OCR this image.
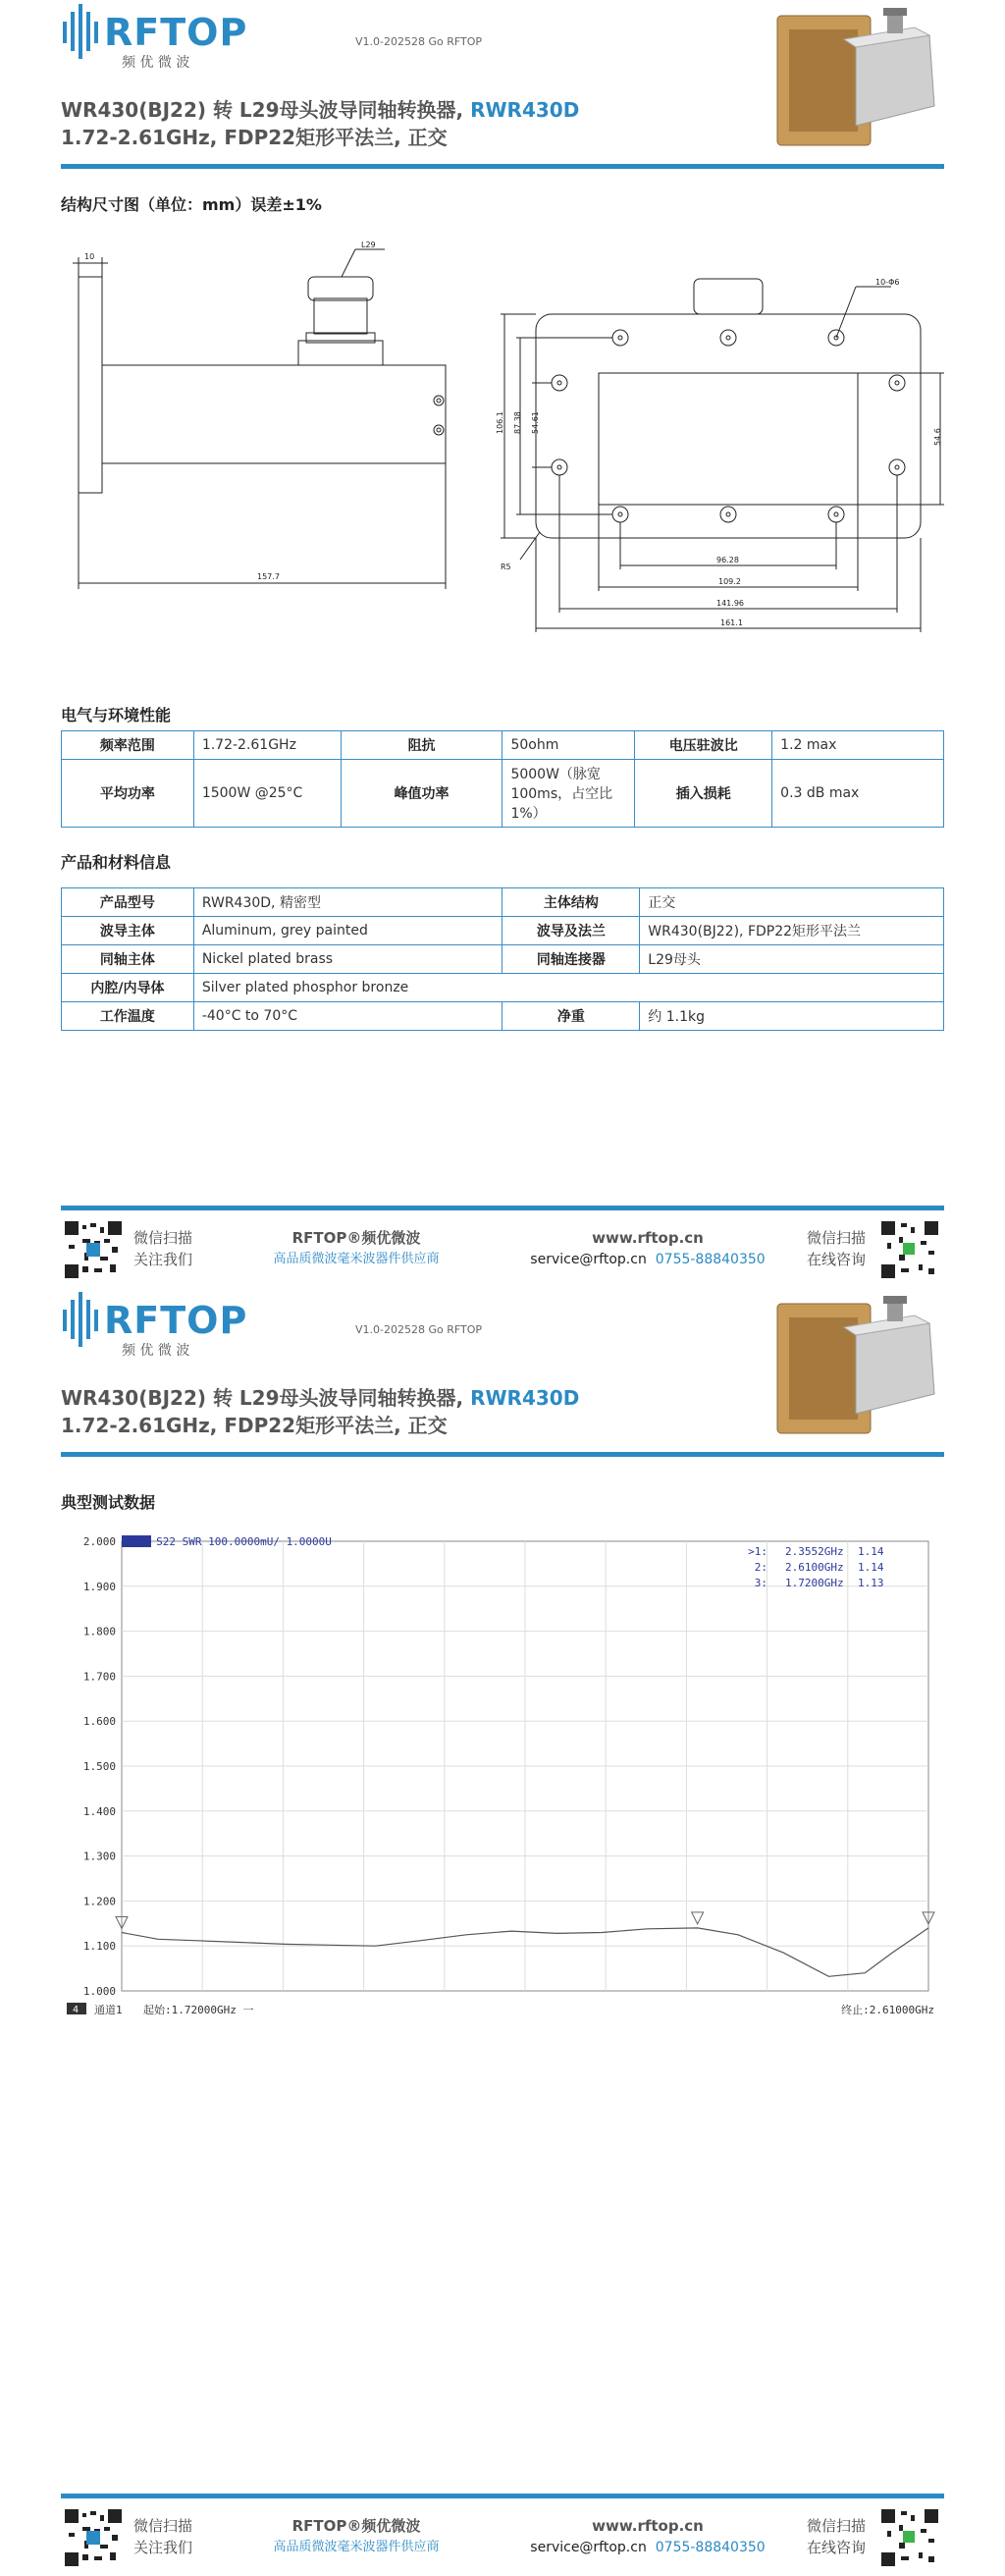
RFTOP
频 优 微 波
V1.0-202528 Go RFTOP
WR430(BJ22) 转 L29母头波导同轴转换器, RWR430D
1.72-2.61GHz, FDP22矩形平法兰, 正交
结构尺寸图（单位：mm）误差±1%
10
L29
157.7
10-Φ6
96.28
109.2
141.96
161.1
106.1 87.38 54.61
54.6
R5
电气与环境性能
频率范围	1.72-2.61GHz	阻抗	50ohm	电压驻波比	1.2 max
平均功率	1500W @25°C	峰值功率	5000W（脉宽100ms，占空比1%）	插入损耗	0.3 dB max
产品和材料信息
产品型号	RWR430D, 精密型	主体结构	正交
波导主体	Aluminum, grey painted	波导及法兰	WR430(BJ22), FDP22矩形平法兰
同轴主体	Nickel plated brass	同轴连接器	L29母头
内腔/内导体	Silver plated phosphor bronze		
工作温度	-40°C to 70°C	净重	约 1.1kg
微信扫描
关注我们
RFTOP®频优微波
高品质微波毫米波器件供应商
www.rftop.cn
service@rftop.cn 0755-88840350
微信扫描
在线咨询
RFTOP
频 优 微 波
V1.0-202528 Go RFTOP
WR430(BJ22) 转 L29母头波导同轴转换器, RWR430D
1.72-2.61GHz, FDP22矩形平法兰, 正交
典型测试数据
2.000
1.900
1.800
1.700
1.600
1.500
1.400
1.300
1.200
1.100
1.000
Tr 1 S22 SWR 100.0000mU/ 1.0000U
>1: 2.3552GHz 1.14
2: 2.6100GHz 1.14
3: 1.7200GHz 1.13
4 通道1 起始:1.72000GHz 一	终止:2.61000GHz
微信扫描
关注我们
RFTOP®频优微波
高品质微波毫米波器件供应商
www.rftop.cn
service@rftop.cn 0755-88840350
微信扫描
在线咨询
